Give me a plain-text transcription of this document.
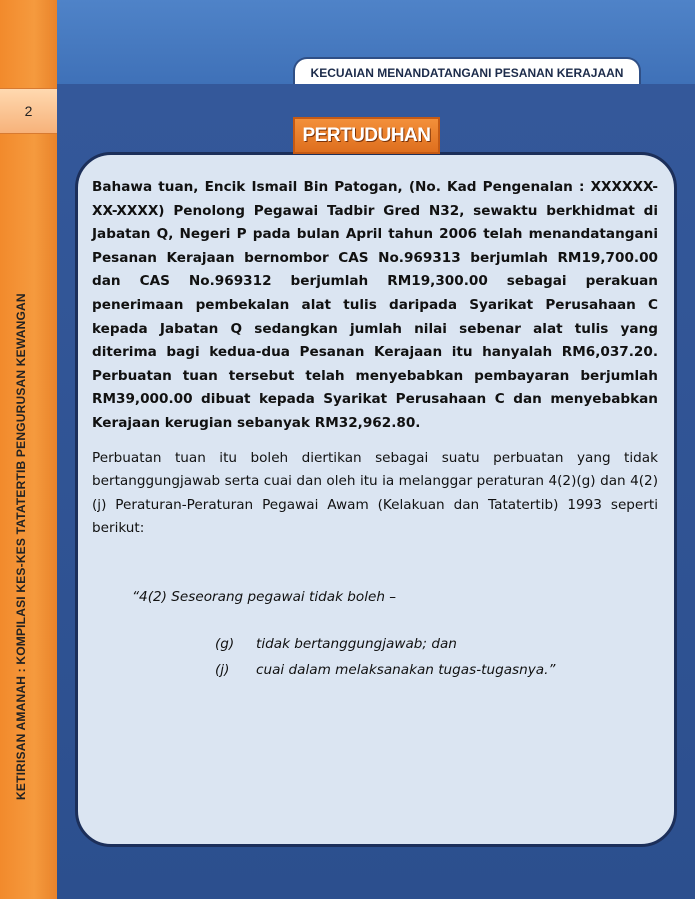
2
KETIRISAN AMANAH : KOMPILASI KES-KES TATATERTIB PENGURUSAN KEWANGAN
KECUAIAN MENANDATANGANI PESANAN KERAJAAN
PERTUDUHAN

Bahawa tuan, Encik Ismail Bin Patogan, (No. Kad Pengenalan : XXXXXX-XX-XXXX) Penolong Pegawai Tadbir Gred N32, sewaktu berkhidmat di Jabatan Q, Negeri P pada bulan April tahun 2006 telah menandatangani Pesanan Kerajaan bernombor CAS No.969313 berjumlah RM19,700.00 dan CAS No.969312 berjumlah RM19,300.00 sebagai perakuan penerimaan pembekalan alat tulis daripada Syarikat Perusahaan C kepada Jabatan Q sedangkan jumlah nilai sebenar alat tulis yang diterima bagi kedua-dua Pesanan Kerajaan itu hanyalah RM6,037.20. Perbuatan tuan tersebut telah menyebabkan pembayaran berjumlah RM39,000.00 dibuat kepada Syarikat Perusahaan C dan menyebabkan Kerajaan kerugian sebanyak RM32,962.80.

Perbuatan tuan itu boleh diertikan sebagai suatu perbuatan yang tidak bertanggungjawab serta cuai dan oleh itu ia melanggar peraturan 4(2)(g) dan 4(2)(j) Peraturan-Peraturan Pegawai Awam (Kelakuan dan Tatatertib) 1993 seperti berikut:

“4(2) Seseorang pegawai tidak boleh –
(g) tidak bertanggungjawab; dan
(j) cuai dalam melaksanakan tugas-tugasnya.”
